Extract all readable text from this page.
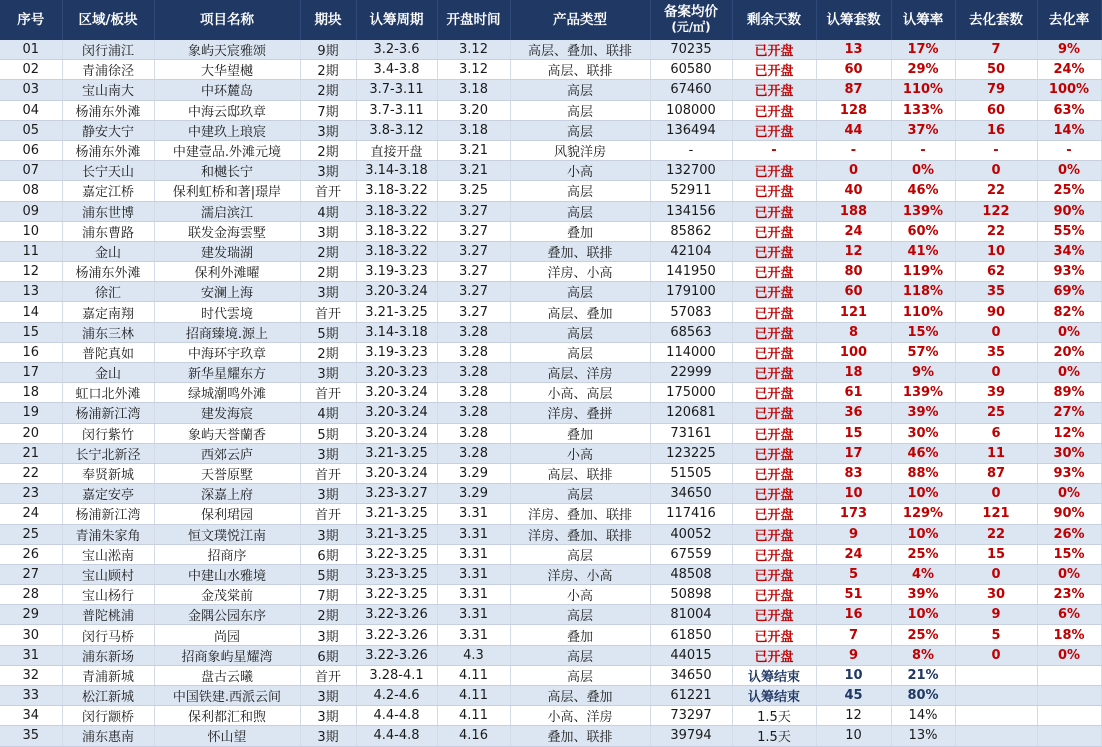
序号	区域/板块	项目名称	期块	认筹周期	开盘时间	产品类型	备案均价
(元/㎡)	剩余天数	认筹套数	认筹率	去化套数	去化率
01	闵行浦江	象屿天宸雅颂	9期	3.2-3.6	3.12	高层、叠加、联排	70235	已开盘	13	17%	7	9%
02	青浦徐泾	大华望樾	2期	3.4-3.8	3.12	高层、联排	60580	已开盘	60	29%	50	24%
03	宝山南大	中环麓岛	2期	3.7-3.11	3.18	高层	67460	已开盘	87	110%	79	100%
04	杨浦东外滩	中海云邸玖章	7期	3.7-3.11	3.20	高层	108000	已开盘	128	133%	60	63%
05	静安大宁	中建玖上琅宸	3期	3.8-3.12	3.18	高层	136494	已开盘	44	37%	16	14%
06	杨浦东外滩	中建壹品.外滩元境	2期	直接开盘	3.21	风貌洋房	-	-	-	-	-	-
07	长宁天山	和樾长宁	3期	3.14-3.18	3.21	小高	132700	已开盘	0	0%	0	0%
08	嘉定江桥	保利虹桥和著|璟岸	首开	3.18-3.22	3.25	高层	52911	已开盘	40	46%	22	25%
09	浦东世博	濡启滨江	4期	3.18-3.22	3.27	高层	134156	已开盘	188	139%	122	90%
10	浦东曹路	联发金海雲墅	3期	3.18-3.22	3.27	叠加	85862	已开盘	24	60%	22	55%
11	金山	建发瑞湖	2期	3.18-3.22	3.27	叠加、联排	42104	已开盘	12	41%	10	34%
12	杨浦东外滩	保利外滩曜	2期	3.19-3.23	3.27	洋房、小高	141950	已开盘	80	119%	62	93%
13	徐汇	安澜上海	3期	3.20-3.24	3.27	高层	179100	已开盘	60	118%	35	69%
14	嘉定南翔	时代雲境	首开	3.21-3.25	3.27	高层、叠加	57083	已开盘	121	110%	90	82%
15	浦东三林	招商臻境.源上	5期	3.14-3.18	3.28	高层	68563	已开盘	8	15%	0	0%
16	普陀真如	中海环宇玖章	2期	3.19-3.23	3.28	高层	114000	已开盘	100	57%	35	20%
17	金山	新华星耀东方	3期	3.20-3.23	3.28	高层、洋房	22999	已开盘	18	9%	0	0%
18	虹口北外滩	绿城潮鸣外滩	首开	3.20-3.24	3.28	小高、高层	175000	已开盘	61	139%	39	89%
19	杨浦新江湾	建发海宸	4期	3.20-3.24	3.28	洋房、叠拼	120681	已开盘	36	39%	25	27%
20	闵行紫竹	象屿天誉蘭香	5期	3.20-3.24	3.28	叠加	73161	已开盘	15	30%	6	12%
21	长宁北新泾	西郊云庐	3期	3.21-3.25	3.28	小高	123225	已开盘	17	46%	11	30%
22	奉贤新城	天誉原墅	首开	3.20-3.24	3.29	高层、联排	51505	已开盘	83	88%	87	93%
23	嘉定安亭	深嘉上府	3期	3.23-3.27	3.29	高层	34650	已开盘	10	10%	0	0%
24	杨浦新江湾	保利珺园	首开	3.21-3.25	3.31	洋房、叠加、联排	117416	已开盘	173	129%	121	90%
25	青浦朱家角	恒文璞悦江南	3期	3.21-3.25	3.31	洋房、叠加、联排	40052	已开盘	9	10%	22	26%
26	宝山淞南	招商序	6期	3.22-3.25	3.31	高层	67559	已开盘	24	25%	15	15%
27	宝山顾村	中建山水雅境	5期	3.23-3.25	3.31	洋房、小高	48508	已开盘	5	4%	0	0%
28	宝山杨行	金茂棠前	7期	3.22-3.25	3.31	小高	50898	已开盘	51	39%	30	23%
29	普陀桃浦	金隅公园东序	2期	3.22-3.26	3.31	高层	81004	已开盘	16	10%	9	6%
30	闵行马桥	尚园	3期	3.22-3.26	3.31	叠加	61850	已开盘	7	25%	5	18%
31	浦东新场	招商象屿星耀湾	6期	3.22-3.26	4.3	高层	44015	已开盘	9	8%	0	0%
32	青浦新城	盘古云曦	首开	3.28-4.1	4.11	高层	34650	认筹结束	10	21%		
33	松江新城	中国铁建.西派云间	3期	4.2-4.6	4.11	高层、叠加	61221	认筹结束	45	80%		
34	闵行颛桥	保利都汇和煦	3期	4.4-4.8	4.11	小高、洋房	73297	1.5天	12	14%		
35	浦东惠南	怀山望	3期	4.4-4.8	4.16	叠加、联排	39794	1.5天	10	13%		
